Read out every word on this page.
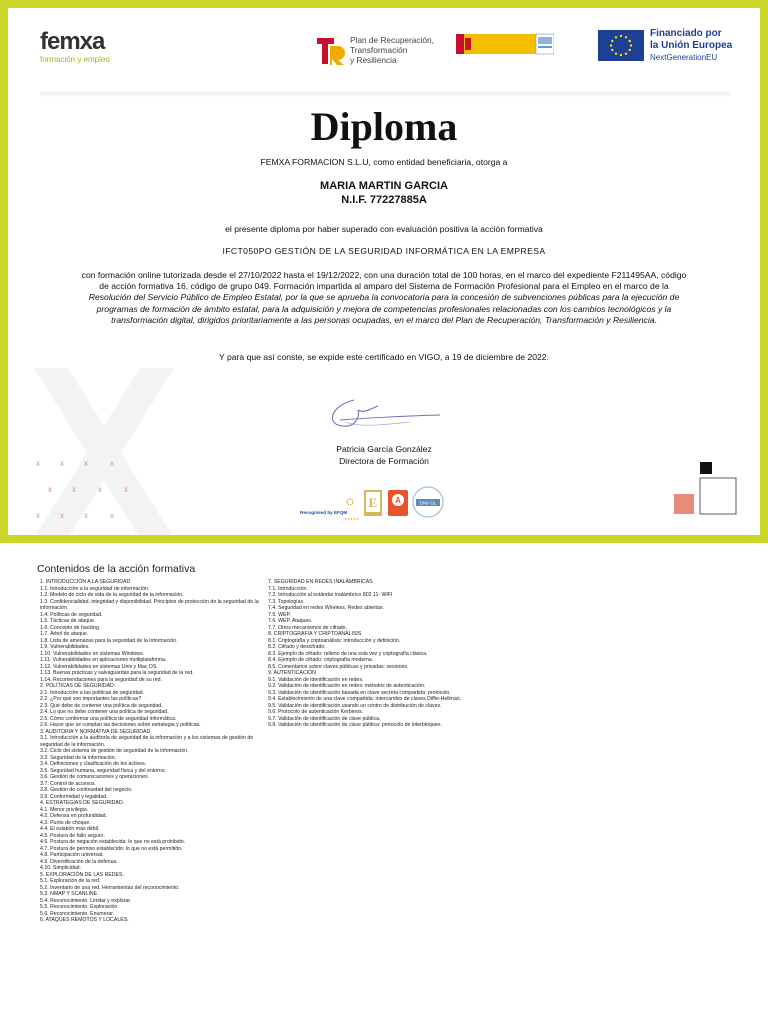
femxa
formación y empleo
Plan de Recuperación,
Transformación
y Resiliencia
Financiado por
la Unión Europea
NextGenerationEU
x	x	x	x
x	x	x	x
x	x	x	x
Diploma
FEMXA FORMACION S.L.U, como entidad beneficiaria, otorga a
MARIA MARTIN GARCIA
N.I.F. 77227885A
el presente diploma por haber superado con evaluación positiva la acción formativa
IFCT050PO GESTIÓN DE LA SEGURIDAD INFORMÁTICA EN LA EMPRESA
con formación online tutorizada desde el 27/10/2022 hasta el 19/12/2022, con una duración total de 100 horas, en el marco del expediente F211495AA, código de acción formativa 16, código de grupo 049. Formación impartida al amparo del Sistema de Formación Profesional para el Empleo en el marco de la Resolución del Servicio Público de Empleo Estatal, por la que se aprueba la convocatoria para la concesión de subvenciones públicas para la ejecución de programas de formación de ámbito estatal, para la adquisición y mejora de competencias profesionales relacionadas con los cambios tecnológicos y la transformación digital, dirigidos prioritariamente a las personas ocupadas, en el marco del Plan de Recuperación, Transformación y Resiliencia.
Y para que así conste, se expide este certificado en VIGO, a 19 de diciembre de 2022.
Patricia García González
Directora de Formación
Recognised by EFQM
★★★★★
E A	DNV·GL
Contenidos de la acción formativa
1. INTRODUCCIÓN A LA SEGURIDAD
1.1. Introducción a la seguridad de información.
1.2. Modelo de ciclo de vida de la seguridad de la información.
1.3. Confidencialidad, integridad y disponibilidad. Principios de protección de la seguridad de la información.
1.4. Políticas de seguridad.
1.5. Tácticas de ataque.
1.6. Concepto de hacking.
1.7. Árbol de ataque.
1.8. Lista de amenazas para la seguridad de la información.
1.9. Vulnerabilidades.
1.10. Vulnerabilidades en sistemas Windows.
1.11. Vulnerabilidades en aplicaciones multiplataforma.
1.12. Vulnerabilidades en sistemas Unix y Mac OS.
1.13. Buenas prácticas y salvaguardas para la seguridad de la red.
1.14. Recomendaciones para la seguridad de su red.
2. POLÍTICAS DE SEGURIDAD.
2.1. Introducción a las políticas de seguridad.
2.2. ¿Por qué son importantes las políticas?
2.3. Qué debe de contener una política de seguridad.
2.4. Lo que no debe contener una política de seguridad.
2.5. Cómo conformar una política de seguridad informática.
2.6. Hacer que se cumplan las decisiones sobre estrategia y políticas.
3. AUDITORIA Y NORMATIVA DE SEGURIDAD.
3.1. Introducción a la auditoría de seguridad de la información y a los sistemas de gestión de seguridad de la información.
3.2. Ciclo del sistema de gestión de seguridad de la información.
3.3. Seguridad de la información.
3.4. Definiciones y clasificación de los activos.
3.5. Seguridad humana, seguridad física y del entorno.
3.6. Gestión de comunicaciones y operaciones.
3.7. Control de accesos.
3.8. Gestión de continuidad del negocio.
3.9. Conformidad y legalidad.
4. ESTRATEGIAS DE SEGURIDAD.
4.1. Menor privilegio.
4.2. Defensa en profundidad.
4.3. Punto de choque.
4.4. El eslabón más débil.
4.5. Postura de fallo seguro.
4.6. Postura de negación establecida: lo que no está prohibido.
4.7. Postura de permiso establecido: lo que no está permitido.
4.8. Participación universal.
4.9. Diversificación de la defensa.
4.10. Simplicidad.
5. EXPLORACIÓN DE LAS REDES.
5.1. Exploración de la red.
5.2. Inventario de una red. Herramientas del reconocimiento.
5.3. NMAP Y SCANLINE.
5.4. Reconocimiento. Limitar y explorar.
5.5. Reconocimiento. Exploración.
5.6. Reconocimiento. Enumerar.
6. ATAQUES REMOTOS Y LOCALES.
7. SEGURIDAD EN REDES INALÁMBRICAS
7.1. Introducción.
7.2. Introducción al estándar inalámbrico 802.11- WIFI
7.3. Topologías.
7.4. Seguridad en redes Wireless. Redes abiertas.
7.5. WEP.
7.6. WEP. Ataques.
7.7. Otros mecanismos de cifrado.
8. CRIPTOGRAFÍA Y CRIPTOANÁLISIS
8.1. Criptografía y criptoanálisis: introducción y definición.
8.2. Cifrado y descifrado.
8.3. Ejemplo de cifrado: relleno de una sola vez y criptografía clásica.
8.4. Ejemplo de cifrado: criptografía moderna.
8.5. Comentarios sobre claves públicas y privadas: sesiones.
9. AUTENTICACIÓN
9.1. Validación de identificación en redes.
9.2. Validación de identificación en redes: métodos de autenticación.
9.3. Validación de identificación basada en clave secreta compartida: protocolo.
9.4. Establecimiento de una clave compartida: intercambio de claves Diffie-Hellman.
9.5. Validación de identificación usando un centro de distribución de claves.
9.6. Protocolo de autenticación Kerberos.
9.7. Validación de identificación de clave pública.
9.8. Validación de identificación de clave pública: protocolo de interbloqueo.
